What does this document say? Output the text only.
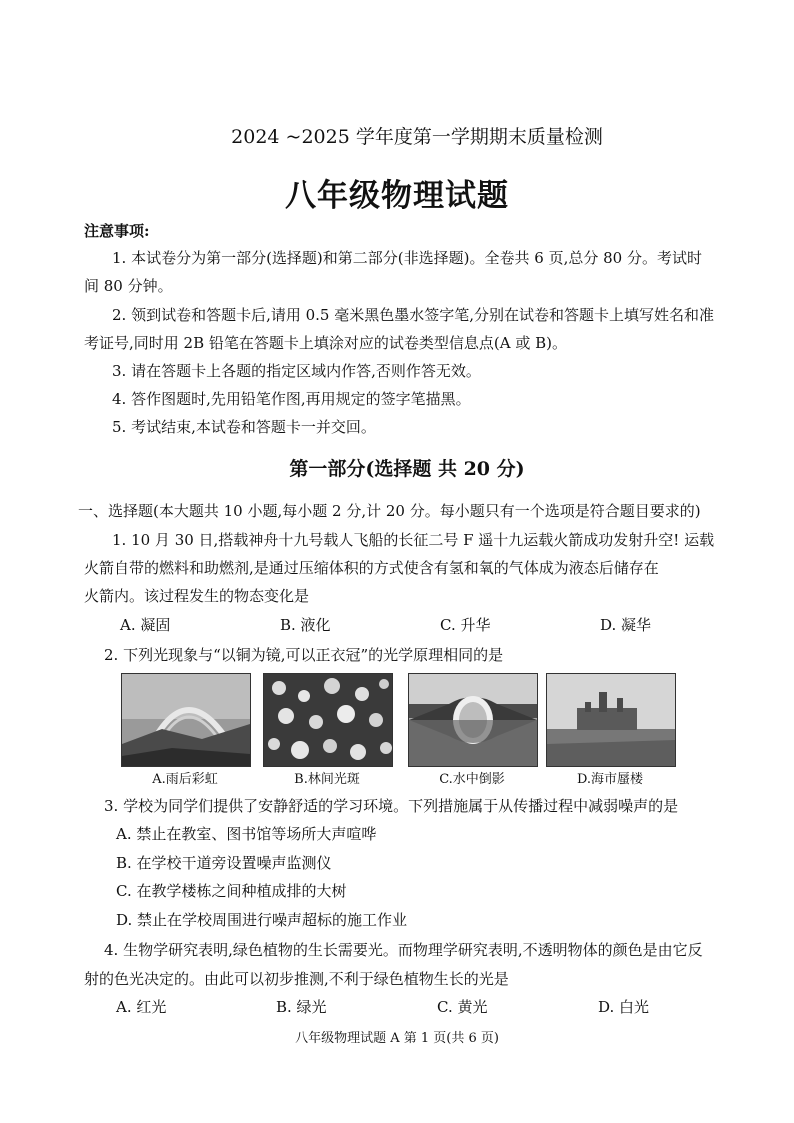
2024 ~2025 学年度第一学期期末质量检测
八年级物理试题
注意事项:
1. 本试卷分为第一部分(选择题)和第二部分(非选择题)。全卷共 6 页,总分 80 分。考试时
间 80 分钟。
2. 领到试卷和答题卡后,请用 0.5 毫米黑色墨水签字笔,分别在试卷和答题卡上填写姓名和准
考证号,同时用 2B 铅笔在答题卡上填涂对应的试卷类型信息点(A 或 B)。
3. 请在答题卡上各题的指定区域内作答,否则作答无效。
4. 答作图题时,先用铅笔作图,再用规定的签字笔描黑。
5. 考试结束,本试卷和答题卡一并交回。
第一部分(选择题 共 20 分)
一、选择题(本大题共 10 小题,每小题 2 分,计 20 分。每小题只有一个选项是符合题目要求的)
1. 10 月 30 日,搭载神舟十九号载人飞船的长征二号 F 遥十九运载火箭成功发射升空! 运载
火箭自带的燃料和助燃剂,是通过压缩体积的方式使含有氢和氧的气体成为液态后储存在
火箭内。该过程发生的物态变化是
A. 凝固	B. 液化	C. 升华	D. 凝华
2. 下列光现象与“以铜为镜,可以正衣冠”的光学原理相同的是
A.雨后彩虹	B.林间光斑	C.水中倒影	D.海市蜃楼
3. 学校为同学们提供了安静舒适的学习环境。下列措施属于从传播过程中减弱噪声的是
A. 禁止在教室、图书馆等场所大声喧哗
B. 在学校干道旁设置噪声监测仪
C. 在教学楼栋之间种植成排的大树
D. 禁止在学校周围进行噪声超标的施工作业
4. 生物学研究表明,绿色植物的生长需要光。而物理学研究表明,不透明物体的颜色是由它反
射的色光决定的。由此可以初步推测,不利于绿色植物生长的光是
A. 红光	B. 绿光	C. 黄光	D. 白光
八年级物理试题 A 第 1 页(共 6 页)
